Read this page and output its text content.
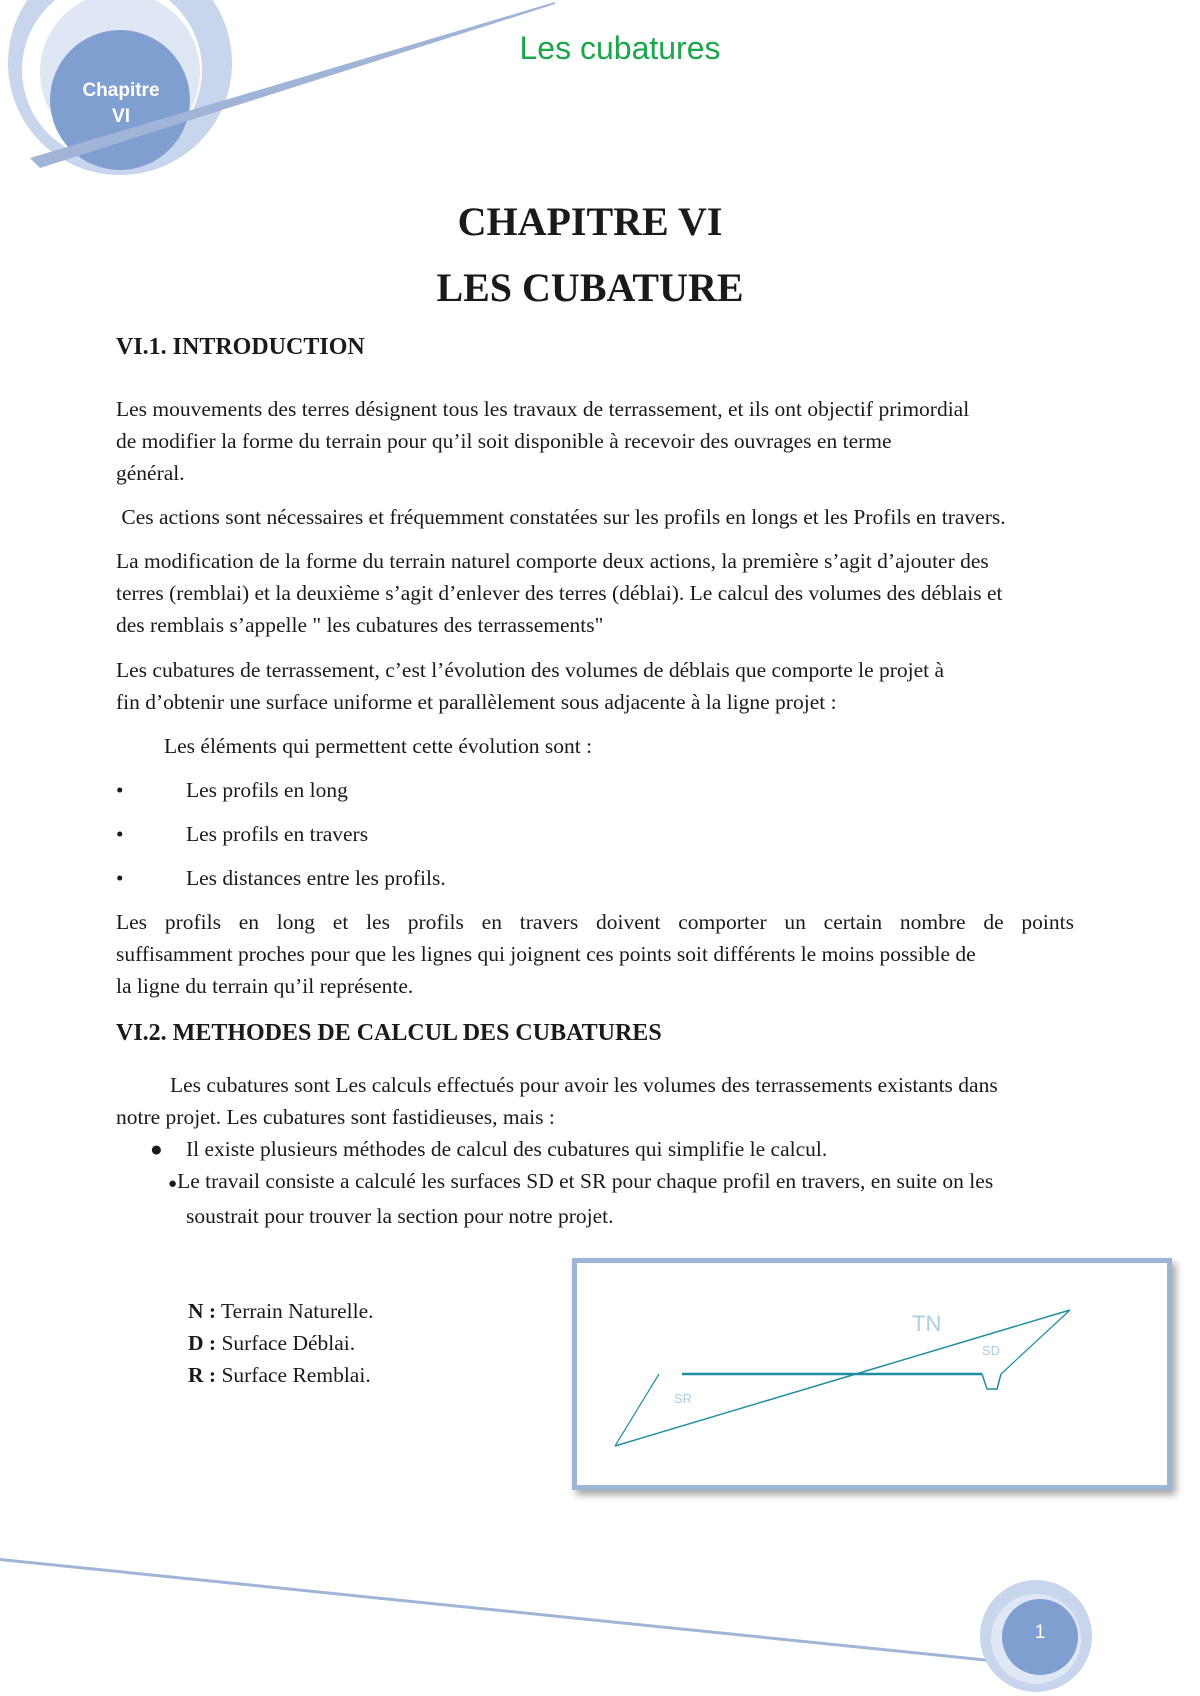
Chapitre
VI
Les cubatures
CHAPITRE VI
LES CUBATURE
VI.1. INTRODUCTION
Les mouvements des terres désignent tous les travaux de terrassement, et ils ont objectif primordial
de modifier la forme du terrain pour qu’il soit disponible à recevoir des ouvrages en terme
général.
Ces actions sont nécessaires et fréquemment constatées sur les profils en longs et les Profils en travers.
La modification de la forme du terrain naturel comporte deux actions, la première s’agit d’ajouter des
terres (remblai) et la deuxième s’agit d’enlever des terres (déblai). Le calcul des volumes des déblais et
des remblais s’appelle " les cubatures des terrassements"
Les cubatures de terrassement, c’est l’évolution des volumes de déblais que comporte le projet à
fin d’obtenir une surface uniforme et parallèlement sous adjacente à la ligne projet :
Les éléments qui permettent cette évolution sont :
•	Les profils en long
•	Les profils en travers
•	Les distances entre les profils.
Les profils en long et les profils en travers doivent comporter un certain nombre de points
suffisamment proches pour que les lignes qui joignent ces points soit différents le moins possible de
la ligne du terrain qu’il représente.
VI.2. METHODES DE CALCUL DES CUBATURES
Les cubatures sont Les calculs effectués pour avoir les volumes des terrassements existants dans
notre projet. Les cubatures sont fastidieuses, mais :
● Il existe plusieurs méthodes de calcul des cubatures qui simplifie le calcul.
●Le travail consiste a calculé les surfaces SD et SR pour chaque profil en travers, en suite on les
soustrait pour trouver la section pour notre projet.
N : Terrain Naturelle.
D : Surface Déblai.
R : Surface Remblai.
TN
SD
SR
1
